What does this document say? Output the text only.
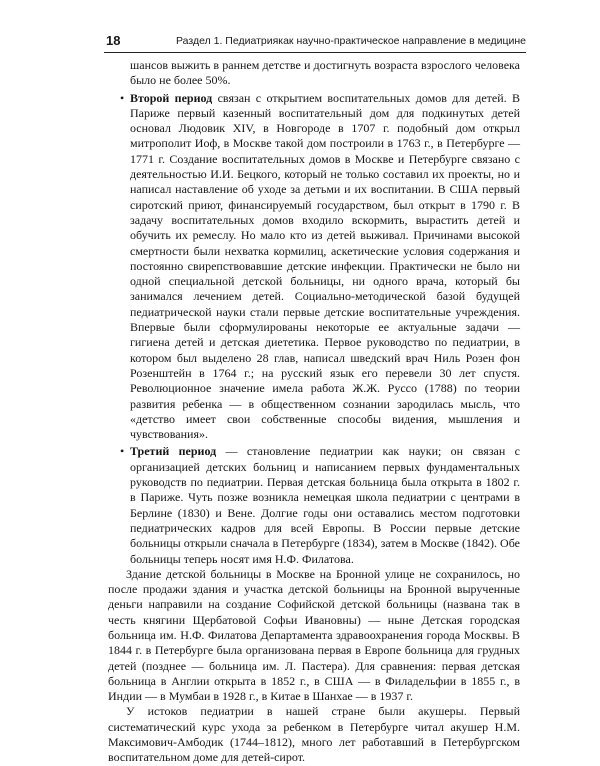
18	Раздел 1. Педиатриякак научно-практическое направление в медицине

шансов выжить в раннем детстве и достигнуть возраста взрослого человека было не более 50%.

• Второй период связан с открытием воспитательных домов для детей. В Париже первый казенный воспитательный дом для подкинутых детей основал Людовик XIV, в Новгороде в 1707 г. подобный дом открыл митрополит Иоф, в Москве такой дом построили в 1763 г., в Петербурге — 1771 г. Создание воспитательных домов в Москве и Петербурге связано с деятельностью И.И. Бецкого, который не только составил их проекты, но и написал наставление об уходе за детьми и их воспитании. В США первый сиротский приют, финансируемый государством, был открыт в 1790 г. В задачу воспитательных домов входило вскормить, вырастить детей и обучить их ремеслу. Но мало кто из детей выживал. Причинами высокой смертности были нехватка кормилиц, аскетические условия содержания и постоянно свирепствовавшие детские инфекции. Практически не было ни одной специальной детской больницы, ни одного врача, который бы занимался лечением детей. Социально-методической базой будущей педиатрической науки стали первые детские воспитательные учреждения. Впервые были сформулированы некоторые ее актуальные задачи — гигиена детей и детская диететика. Первое руководство по педиатрии, в котором был выделено 28 глав, написал шведский врач Ниль Розен фон Розенштейн в 1764 г.; на русский язык его перевели 30 лет спустя. Революционное значение имела работа Ж.Ж. Руссо (1788) по теории развития ребенка — в общественном сознании зародилась мысль, что «детство имеет свои собственные способы видения, мышления и чувствования».

• Третий период — становление педиатрии как науки; он связан с организацией детских больниц и написанием первых фундаментальных руководств по педиатрии. Первая детская больница была открыта в 1802 г. в Париже. Чуть позже возникла немецкая школа педиатрии с центрами в Берлине (1830) и Вене. Долгие годы они оставались местом подготовки педиатрических кадров для всей Европы. В России первые детские больницы открыли сначала в Петербурге (1834), затем в Москве (1842). Обе больницы теперь носят имя Н.Ф. Филатова.

Здание детской больницы в Москве на Бронной улице не сохранилось, но после продажи здания и участка детской больницы на Бронной вырученные деньги направили на создание Софийской детской больницы (названа так в честь княгини Щербатовой Софьи Ивановны) — ныне Детская городская больница им. Н.Ф. Филатова Департамента здравоохранения города Москвы. В 1844 г. в Петербурге была организована первая в Европе больница для грудных детей (позднее — больница им. Л. Пастера). Для сравнения: первая детская больница в Англии открыта в 1852 г., в США — в Филадельфии в 1855 г., в Индии — в Мумбаи в 1928 г., в Китае в Шанхае — в 1937 г.

У истоков педиатрии в нашей стране были акушеры. Первый систематический курс ухода за ребенком в Петербурге читал акушер Н.М. Максимович-Амбодик (1744–1812), много лет работавший в Петербургском воспитательном доме для детей-сирот.
